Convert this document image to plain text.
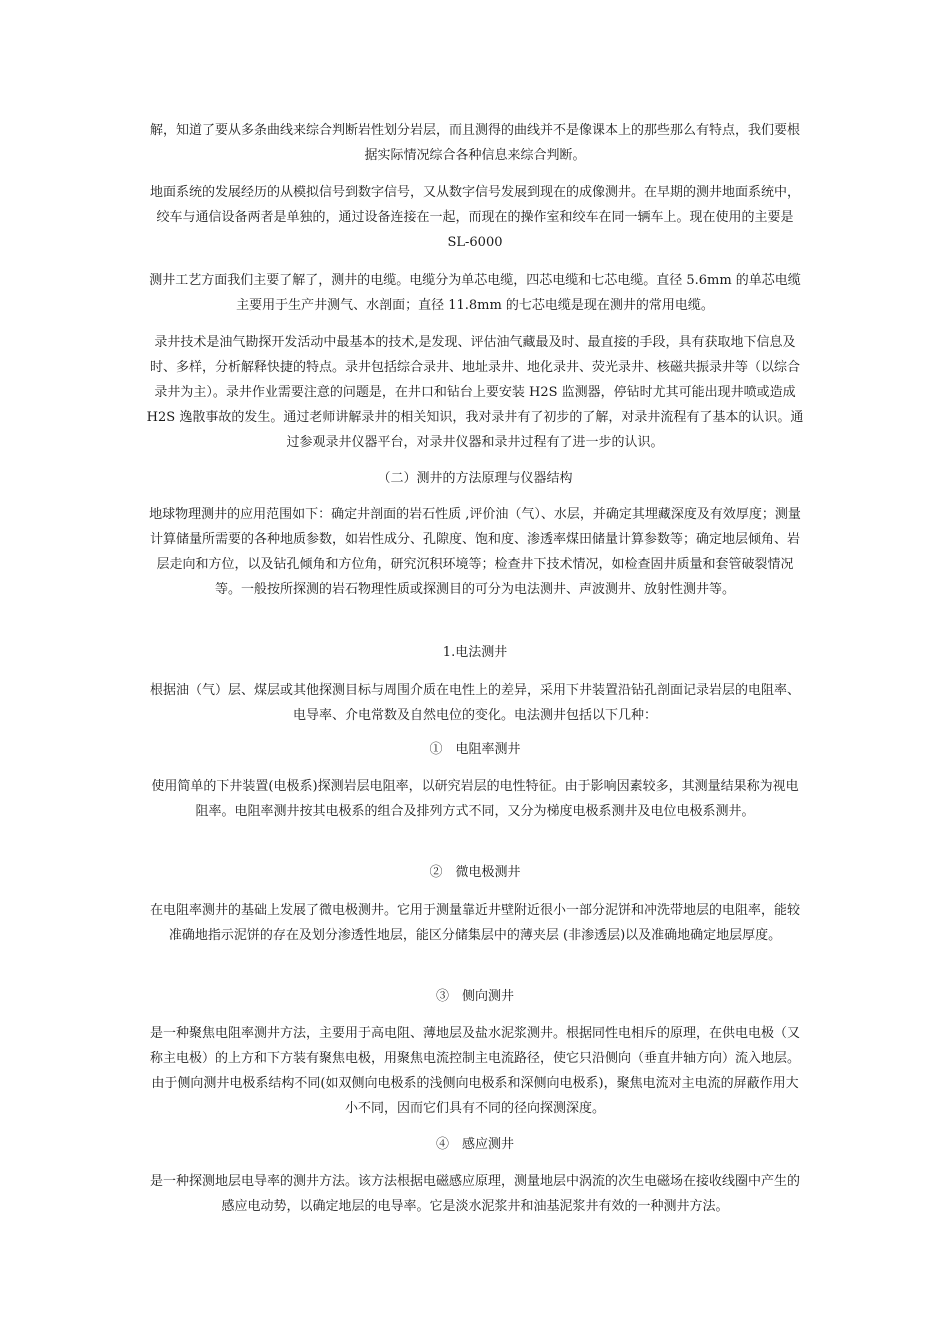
解，知道了要从多条曲线来综合判断岩性划分岩层，而且测得的曲线并不是像课本上的那些那么有特点，我们要根据实际情况综合各种信息来综合判断。

地面系统的发展经历的从模拟信号到数字信号，又从数字信号发展到现在的成像测井。在早期的测井地面系统中，绞车与通信设备两者是单独的，通过设备连接在一起，而现在的操作室和绞车在同一辆车上。现在使用的主要是 SL-6000

测井工艺方面我们主要了解了，测井的电缆。电缆分为单芯电缆，四芯电缆和七芯电缆。直径 5.6mm 的单芯电缆主要用于生产井测气、水剖面；直径 11.8mm 的七芯电缆是现在测井的常用电缆。

录井技术是油气勘探开发活动中最基本的技术,是发现、评估油气藏最及时、最直接的手段，具有获取地下信息及时、多样，分析解释快捷的特点。录井包括综合录井、地址录井、地化录井、荧光录井、核磁共振录井等（以综合录井为主）。录井作业需要注意的问题是，在井口和钻台上要安装 H2S 监测器，停钻时尤其可能出现井喷或造成H2S 逸散事故的发生。通过老师讲解录井的相关知识，我对录井有了初步的了解，对录井流程有了基本的认识。通过参观录井仪器平台，对录井仪器和录井过程有了进一步的认识。

（二）测井的方法原理与仪器结构

地球物理测井的应用范围如下：确定井剖面的岩石性质 ,评价油（气）、水层，并确定其埋藏深度及有效厚度；测量计算储量所需要的各种地质参数，如岩性成分、孔隙度、饱和度、渗透率煤田储量计算参数等；确定地层倾角、岩层走向和方位，以及钻孔倾角和方位角，研究沉积环境等；检查井下技术情况，如检查固井质量和套管破裂情况等。一般按所探测的岩石物理性质或探测目的可分为电法测井、声波测井、放射性测井等。

1.电法测井

根据油（气）层、煤层或其他探测目标与周围介质在电性上的差异，采用下井装置沿钻孔剖面记录岩层的电阻率、电导率、介电常数及自然电位的变化。电法测井包括以下几种：

①　电阻率测井

使用简单的下井装置(电极系)探测岩层电阻率，以研究岩层的电性特征。由于影响因素较多，其测量结果称为视电阻率。电阻率测井按其电极系的组合及排列方式不同，又分为梯度电极系测井及电位电极系测井。

②　微电极测井

在电阻率测井的基础上发展了微电极测井。它用于测量靠近井壁附近很小一部分泥饼和冲洗带地层的电阻率，能较准确地指示泥饼的存在及划分渗透性地层，能区分储集层中的薄夹层 (非渗透层)以及准确地确定地层厚度。

③　侧向测井

是一种聚焦电阻率测井方法，主要用于高电阻、薄地层及盐水泥浆测井。根据同性电相斥的原理，在供电电极（又称主电极）的上方和下方装有聚焦电极，用聚焦电流控制主电流路径，使它只沿侧向（垂直井轴方向）流入地层。由于侧向测井电极系结构不同(如双侧向电极系的浅侧向电极系和深侧向电极系)，聚焦电流对主电流的屏蔽作用大小不同，因而它们具有不同的径向探测深度。

④　感应测井

是一种探测地层电导率的测井方法。该方法根据电磁感应原理，测量地层中涡流的次生电磁场在接收线圈中产生的感应电动势，以确定地层的电导率。它是淡水泥浆井和油基泥浆井有效的一种测井方法。
